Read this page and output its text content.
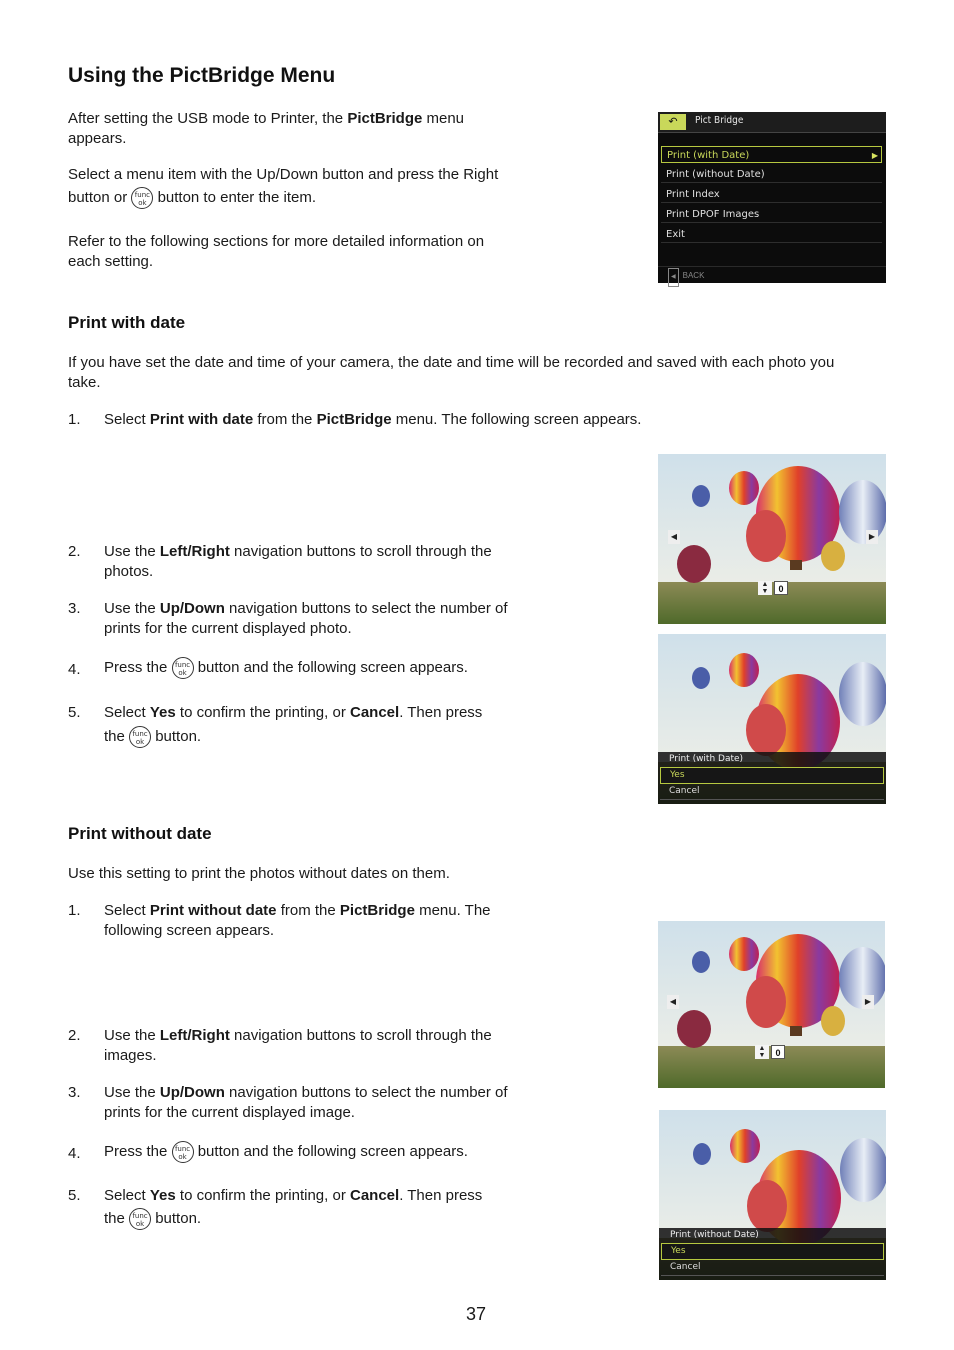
Using the PictBridge Menu
After setting the USB mode to Printer, the PictBridge menu
appears.
Select a menu item with the Up/Down button and press the Right
button or	func
ok button to enter the item.
Refer to the following sections for more detailed information on
each setting.
↶	Pict Bridge
Print (with Date)	▶
Print (without Date)
Print Index
Print DPOF Images
Exit
◀ BACK
Print with date
If you have set the date and time of your camera, the date and time will be recorded and saved with each photo you
take.
1. Select Print with date from the PictBridge menu. The following screen appears.
2. Use the Left/Right navigation buttons to scroll through the
photos.
3. Use the Up/Down navigation buttons to select the number of
prints for the current displayed photo.
4. Press the	func
ok button and the following screen appears.
5. Select Yes to confirm the printing, or Cancel. Then press
the	func
ok button.
◀	▶
▲
▼	0
Print (with Date)
Yes
Cancel
Print without date
Use this setting to print the photos without dates on them.
1. Select Print without date from the PictBridge menu. The
following screen appears.
2. Use the Left/Right navigation buttons to scroll through the
images.
3. Use the Up/Down navigation buttons to select the number of
prints for the current displayed image.
4. Press the	func
ok button and the following screen appears.
5. Select Yes to confirm the printing, or Cancel. Then press
the	func
ok button.
◀	▶
▲
▼	0
Print (without Date)
Yes
Cancel
37
